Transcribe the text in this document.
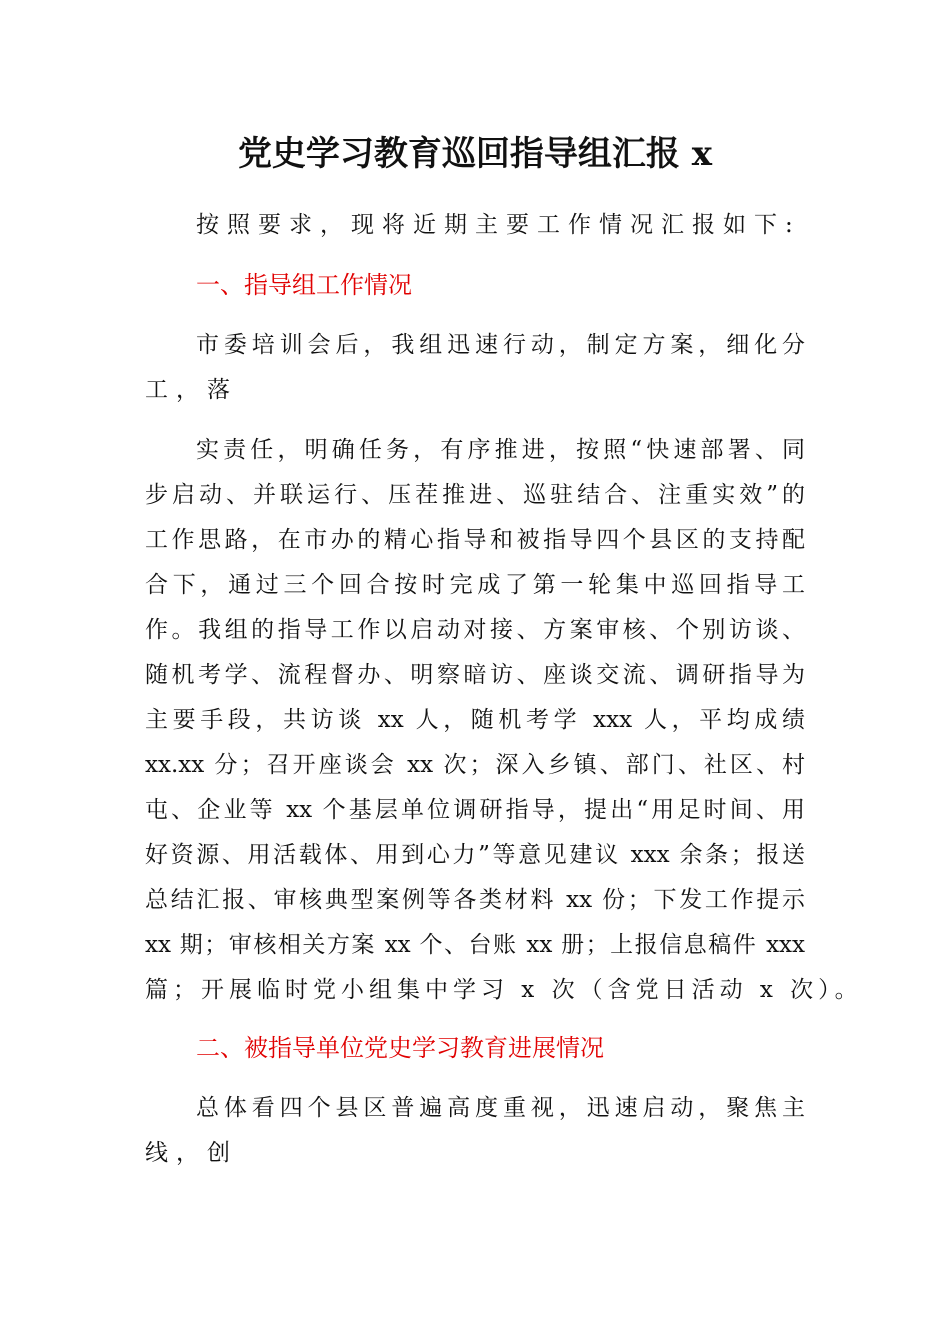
党史学习教育巡回指导组汇报 x
按照要求，现将近期主要工作情况汇报如下:
一、指导组工作情况
市委培训会后，我组迅速行动，制定方案，细化分
工，落
实责任，明确任务，有序推进，按照“快速部署、同
步启动、并联运行、压茬推进、巡驻结合、注重实效”的
工作思路，在市办的精心指导和被指导四个县区的支持配
合下，通过三个回合按时完成了第一轮集中巡回指导工
作。我组的指导工作以启动对接、方案审核、个别访谈、
随机考学、流程督办、明察暗访、座谈交流、调研指导为
主要手段，共访谈 xx 人，随机考学 xxx 人，平均成绩
xx.xx 分；召开座谈会 xx 次；深入乡镇、部门、社区、村
屯、企业等 xx 个基层单位调研指导，提出“用足时间、用
好资源、用活载体、用到心力”等意见建议 xxx 余条；报送
总结汇报、审核典型案例等各类材料 xx 份；下发工作提示
xx 期；审核相关方案 xx 个、台账 xx 册；上报信息稿件 xxx
篇；开展临时党小组集中学习 x 次（含党日活动 x 次）。
二、被指导单位党史学习教育进展情况
总体看四个县区普遍高度重视，迅速启动，聚焦主
线，创
